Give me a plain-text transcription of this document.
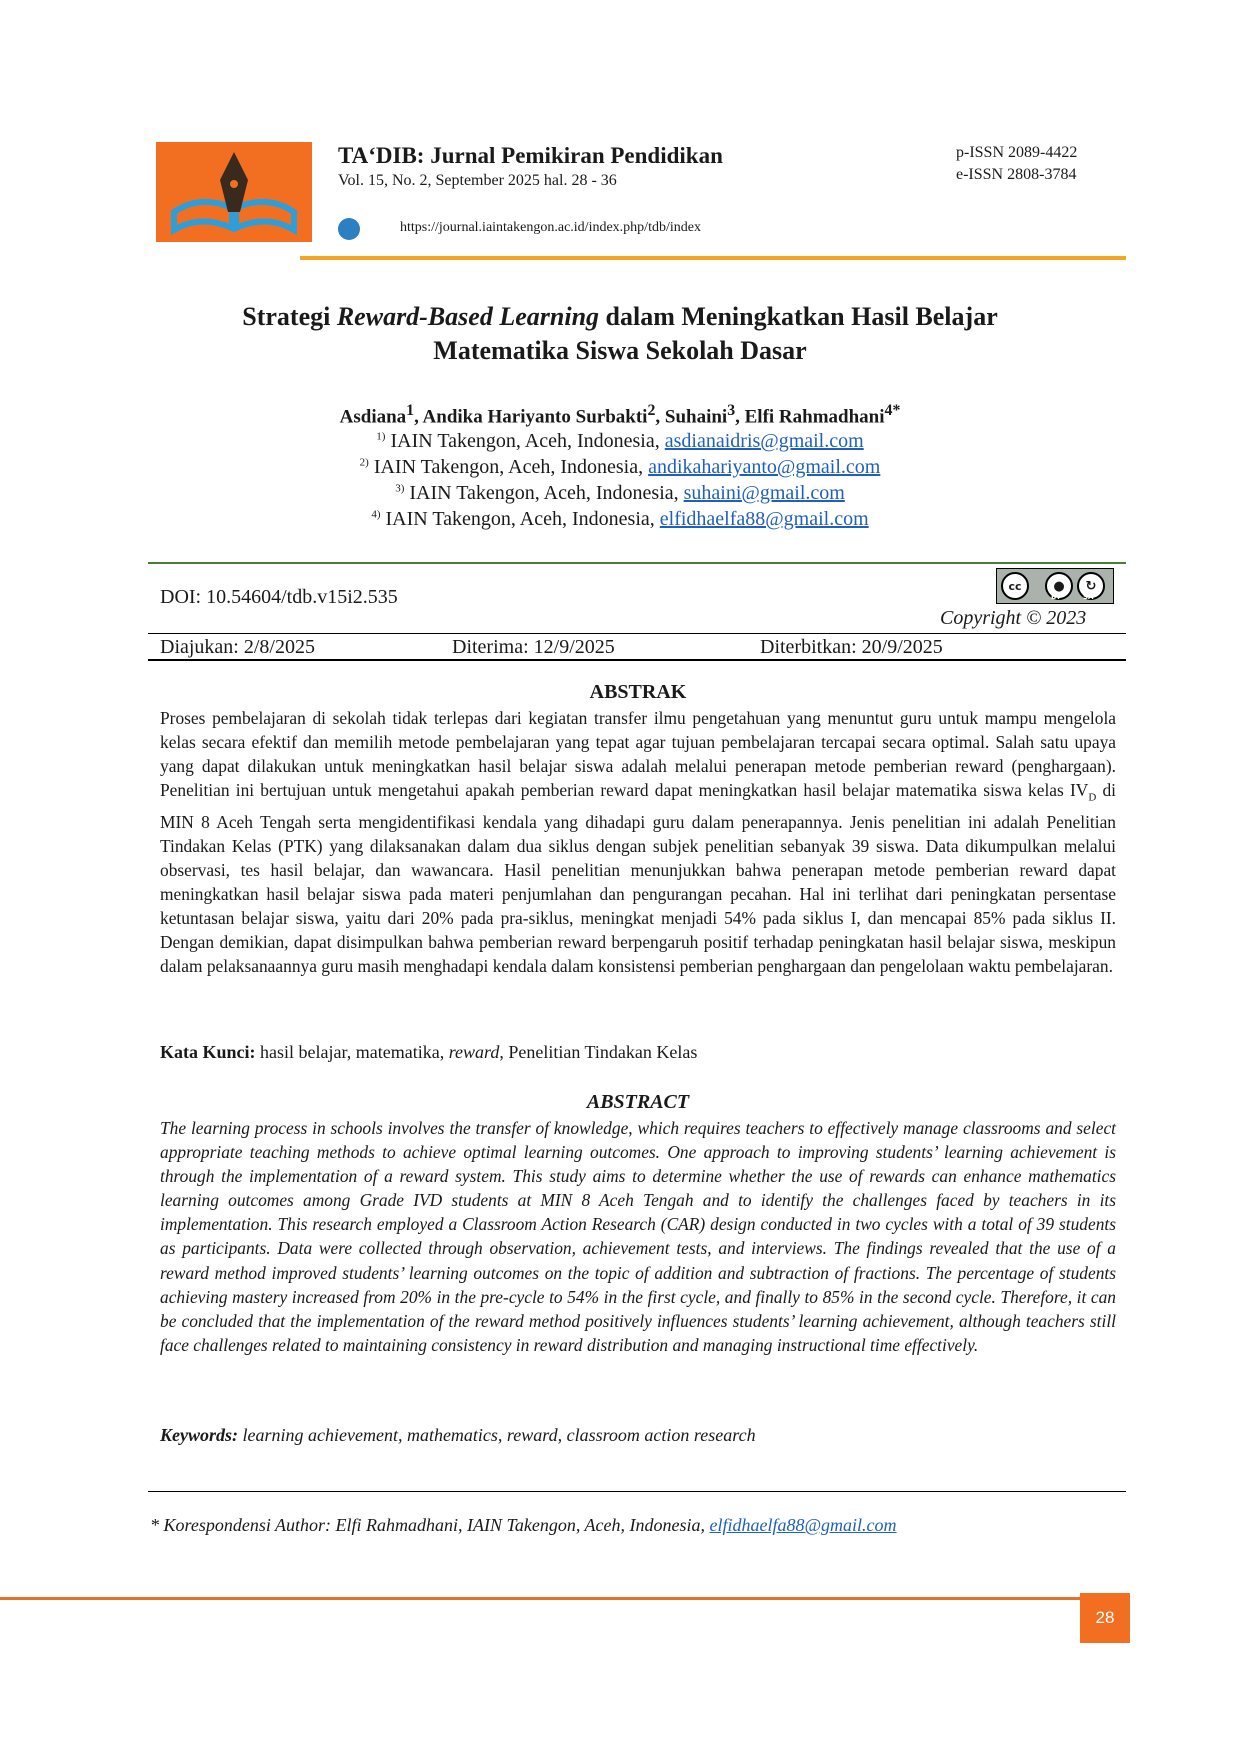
TA‘DIB: Jurnal Pemikiran Pendidikan
Vol. 15, No. 2, September 2025 hal. 28 - 36
p-ISSN 2089-4422
e-ISSN 2808-3784
https://journal.iaintakengon.ac.id/index.php/tdb/index
Strategi Reward-Based Learning dalam Meningkatkan Hasil Belajar
Matematika Siswa Sekolah Dasar
Asdiana$^1$, Andika Hariyanto Surbakti$^2$, Suhaini$^3$, Elfi Rahmadhani$^{4*}$
$^{1)}$ IAIN Takengon, Aceh, Indonesia, asdianaidris@gmail.com
$^{2)}$ IAIN Takengon, Aceh, Indonesia, andikahariyanto@gmail.com
$^{3)}$ IAIN Takengon, Aceh, Indonesia, suhaini@gmail.com
$^{4)}$ IAIN Takengon, Aceh, Indonesia, elfidhaelfa88@gmail.com
DOI: 10.54604/tdb.v15i2.535	cc	●	↻
BY	SA
Copyright © 2023
Diajukan: 2/8/2025	Diterima: 12/9/2025	Diterbitkan: 20/9/2025
ABSTRAK
Proses pembelajaran di sekolah tidak terlepas dari kegiatan transfer ilmu pengetahuan yang menuntut guru untuk mampu mengelola kelas secara efektif dan memilih metode pembelajaran yang tepat agar tujuan pembelajaran tercapai secara optimal. Salah satu upaya yang dapat dilakukan untuk meningkatkan hasil belajar siswa adalah melalui penerapan metode pemberian reward (penghargaan). Penelitian ini bertujuan untuk mengetahui apakah pemberian reward dapat meningkatkan hasil belajar matematika siswa kelas $IV_D$ di MIN 8 Aceh Tengah serta mengidentifikasi kendala yang dihadapi guru dalam penerapannya. Jenis penelitian ini adalah Penelitian Tindakan Kelas (PTK) yang dilaksanakan dalam dua siklus dengan subjek penelitian sebanyak 39 siswa. Data dikumpulkan melalui observasi, tes hasil belajar, dan wawancara. Hasil penelitian menunjukkan bahwa penerapan metode pemberian reward dapat meningkatkan hasil belajar siswa pada materi penjumlahan dan pengurangan pecahan. Hal ini terlihat dari peningkatan persentase ketuntasan belajar siswa, yaitu dari 20% pada pra-siklus, meningkat menjadi 54% pada siklus I, dan mencapai 85% pada siklus II. Dengan demikian, dapat disimpulkan bahwa pemberian reward berpengaruh positif terhadap peningkatan hasil belajar siswa, meskipun dalam pelaksanaannya guru masih menghadapi kendala dalam konsistensi pemberian penghargaan dan pengelolaan waktu pembelajaran.
Kata Kunci: hasil belajar, matematika, reward, Penelitian Tindakan Kelas
ABSTRACT
The learning process in schools involves the transfer of knowledge, which requires teachers to effectively manage classrooms and select appropriate teaching methods to achieve optimal learning outcomes. One approach to improving students’ learning achievement is through the implementation of a reward system. This study aims to determine whether the use of rewards can enhance mathematics learning outcomes among Grade IVD students at MIN 8 Aceh Tengah and to identify the challenges faced by teachers in its implementation. This research employed a Classroom Action Research (CAR) design conducted in two cycles with a total of 39 students as participants. Data were collected through observation, achievement tests, and interviews. The findings revealed that the use of a reward method improved students’ learning outcomes on the topic of addition and subtraction of fractions. The percentage of students achieving mastery increased from 20% in the pre-cycle to 54% in the first cycle, and finally to 85% in the second cycle. Therefore, it can be concluded that the implementation of the reward method positively influences students’ learning achievement, although teachers still face challenges related to maintaining consistency in reward distribution and managing instructional time effectively.
Keywords: learning achievement, mathematics, reward, classroom action research
* Korespondensi Author: Elfi Rahmadhani, IAIN Takengon, Aceh, Indonesia, elfidhaelfa88@gmail.com
28
